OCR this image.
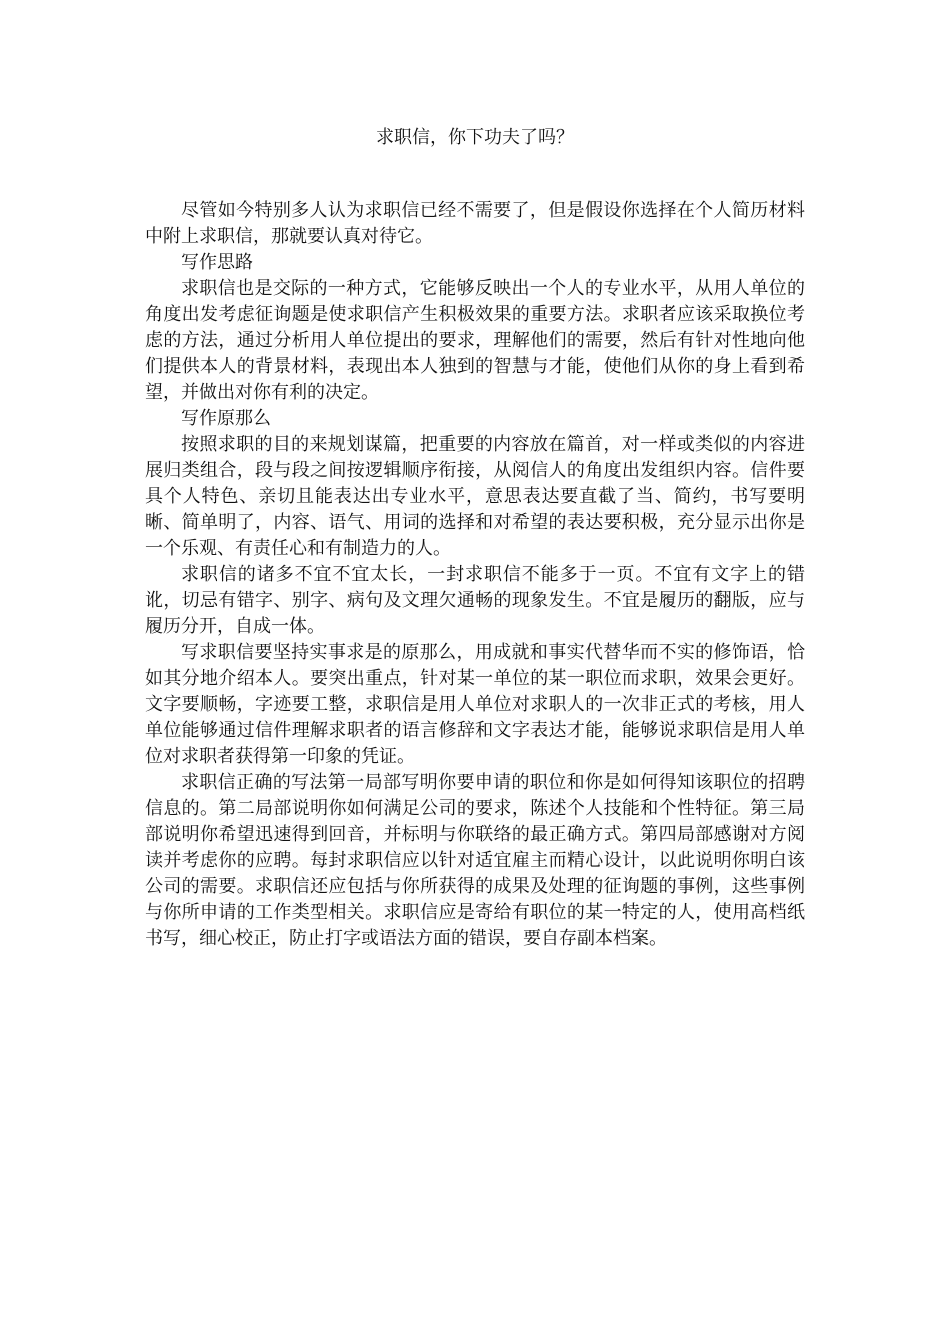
求职信，你下功夫了吗？

尽管如今特别多人认为求职信已经不需要了，但是假设你选择在个人简历材料中附上求职信，那就要认真对待它。

写作思路

求职信也是交际的一种方式，它能够反映出一个人的专业水平，从用人单位的角度出发考虑征询题是使求职信产生积极效果的重要方法。求职者应该采取换位考虑的方法，通过分析用人单位提出的要求，理解他们的需要，然后有针对性地向他们提供本人的背景材料，表现出本人独到的智慧与才能，使他们从你的身上看到希望，并做出对你有利的决定。

写作原那么

按照求职的目的来规划谋篇，把重要的内容放在篇首，对一样或类似的内容进展归类组合，段与段之间按逻辑顺序衔接，从阅信人的角度出发组织内容。信件要具个人特色、亲切且能表达出专业水平，意思表达要直截了当、简约，书写要明晰、简单明了，内容、语气、用词的选择和对希望的表达要积极，充分显示出你是一个乐观、有责任心和有制造力的人。

求职信的诸多不宜不宜太长，一封求职信不能多于一页。不宜有文字上的错讹，切忌有错字、别字、病句及文理欠通畅的现象发生。不宜是履历的翻版，应与履历分开，自成一体。

写求职信要坚持实事求是的原那么，用成就和事实代替华而不实的修饰语，恰如其分地介绍本人。要突出重点，针对某一单位的某一职位而求职，效果会更好。文字要顺畅，字迹要工整，求职信是用人单位对求职人的一次非正式的考核，用人单位能够通过信件理解求职者的语言修辞和文字表达才能，能够说求职信是用人单位对求职者获得第一印象的凭证。

求职信正确的写法第一局部写明你要申请的职位和你是如何得知该职位的招聘信息的。第二局部说明你如何满足公司的要求，陈述个人技能和个性特征。第三局部说明你希望迅速得到回音，并标明与你联络的最正确方式。第四局部感谢对方阅读并考虑你的应聘。每封求职信应以针对适宜雇主而精心设计，以此说明你明白该公司的需要。求职信还应包括与你所获得的成果及处理的征询题的事例，这些事例与你所申请的工作类型相关。求职信应是寄给有职位的某一特定的人，使用高档纸书写，细心校正，防止打字或语法方面的错误，要自存副本档案。
